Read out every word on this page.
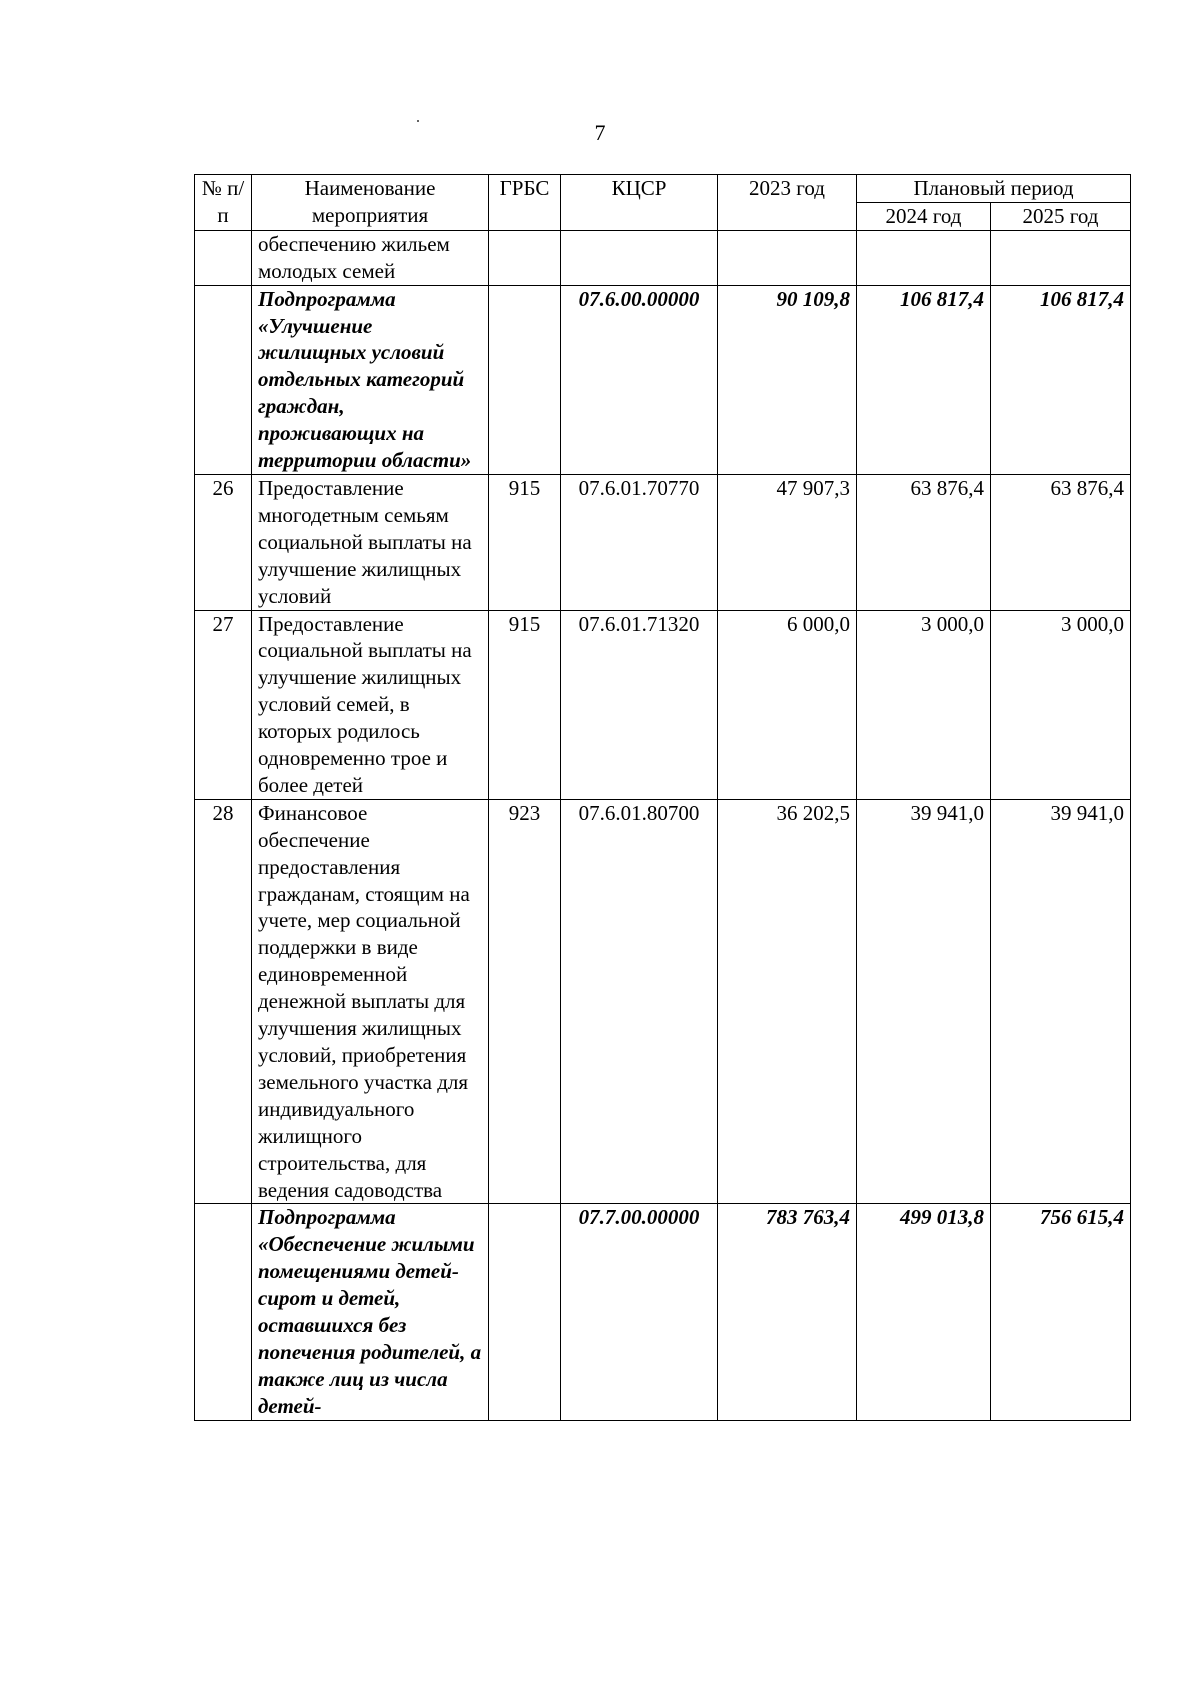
7
№ п/п	Наименование мероприятия	ГРБС	КЦСР	2023 год	Плановый период	
					2024 год	2025 год
	обеспечению жильем молодых семей					
	Подпрограмма «Улучшение жилищных условий отдельных категорий граждан, проживающих на территории области»		07.6.00.00000	90 109,8	106 817,4	106 817,4
26	Предоставление многодетным семьям социальной выплаты на улучшение жилищных условий	915	07.6.01.70770	47 907,3	63 876,4	63 876,4
27	Предоставление социальной выплаты на улучшение жилищных условий семей, в которых родилось одновременно трое и более детей	915	07.6.01.71320	6 000,0	3 000,0	3 000,0
28	Финансовое обеспечение предоставления гражданам, стоящим на учете, мер социальной поддержки в виде единовременной денежной выплаты для улучшения жилищных условий, приобретения земельного участка для индивидуального жилищного строительства, для ведения садоводства	923	07.6.01.80700	36 202,5	39 941,0	39 941,0
	Подпрограмма «Обеспечение жилыми помещениями детей-сирот и детей, оставшихся без попечения родителей, а также лиц из числа детей-		07.7.00.00000	783 763,4	499 013,8	756 615,4
